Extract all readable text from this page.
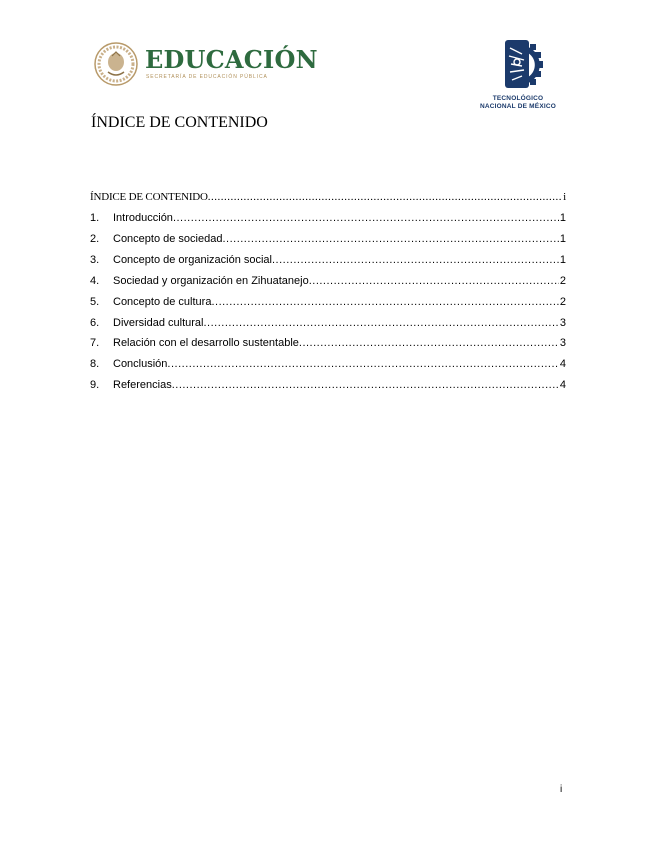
EDUCACIÓN
SECRETARÍA DE EDUCACIÓN PÚBLICA
TECNOLÓGICO
NACIONAL DE MÉXICO
ÍNDICE DE CONTENIDO
ÍNDICE DE CONTENIDO .....	i
1.	Introducción .....	1
2.	Concepto de sociedad .....	1
3.	Concepto de organización social .....	1
4.	Sociedad y organización en Zihuatanejo .....	2
5.	Concepto de cultura .....	2
6.	Diversidad cultural .....	3
7.	Relación con el desarrollo sustentable .....	3
8.	Conclusión .....	4
9.	Referencias .....	4
i
